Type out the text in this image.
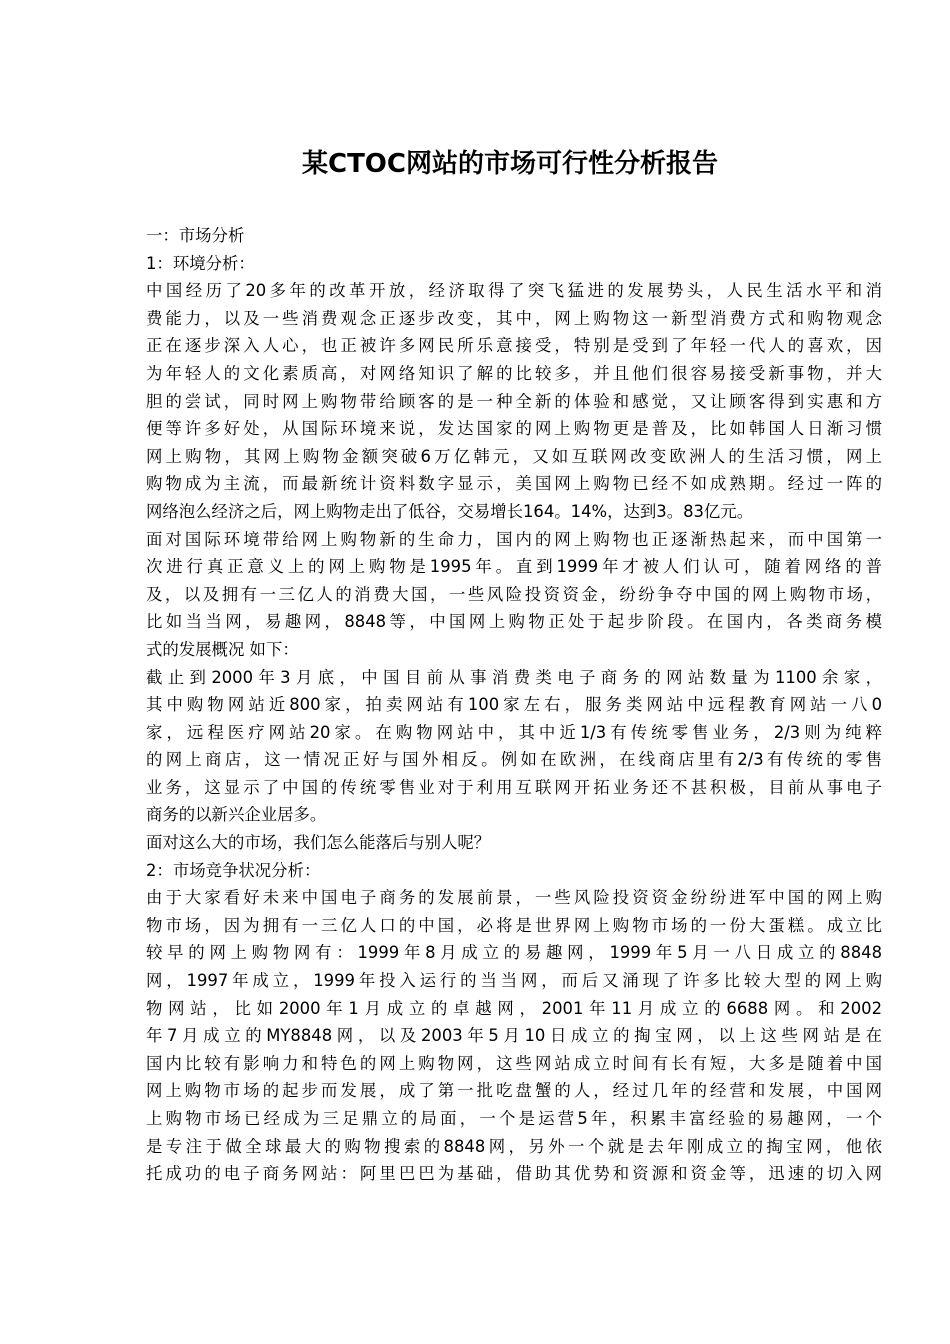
某CTOC网站的市场可行性分析报告
一：市场分析
1：环境分析：
中国经历了20多年的改革开放，经济取得了突飞猛进的发展势头，人民生活水平和消
费能力，以及一些消费观念正逐步改变，其中，网上购物这一新型消费方式和购物观念
正在逐步深入人心，也正被许多网民所乐意接受，特别是受到了年轻一代人的喜欢，因
为年轻人的文化素质高，对网络知识了解的比较多，并且他们很容易接受新事物，并大
胆的尝试，同时网上购物带给顾客的是一种全新的体验和感觉，又让顾客得到实惠和方
便等许多好处，从国际环境来说，发达国家的网上购物更是普及，比如韩国人日渐习惯
网上购物，其网上购物金额突破6万亿韩元，又如互联网改变欧洲人的生活习惯，网上
购物成为主流，而最新统计资料数字显示，美国网上购物已经不如成熟期。经过一阵的
网络泡么经济之后，网上购物走出了低谷，交易增长164。14%，达到3。83亿元。
面对国际环境带给网上购物新的生命力，国内的网上购物也正逐渐热起来，而中国第一
次进行真正意义上的网上购物是1995年。直到1999年才被人们认可，随着网络的普
及，以及拥有一三亿人的消费大国，一些风险投资资金，纷纷争夺中国的网上购物市场，
比如当当网，易趣网，8848等，中国网上购物正处于起步阶段。在国内，各类商务模
式的发展概况 如下：
截止到2000年3月底，中国目前从事消费类电子商务的网站数量为1100余家，
其中购物网站近800家，拍卖网站有100家左右，服务类网站中远程教育网站一八0
家，远程医疗网站20家。在购物网站中，其中近1/3有传统零售业务，2/3则为纯粹
的网上商店，这一情况正好与国外相反。例如在欧洲，在线商店里有2/3有传统的零售
业务，这显示了中国的传统零售业对于利用互联网开拓业务还不甚积极，目前从事电子
商务的以新兴企业居多。
面对这么大的市场，我们怎么能落后与别人呢？
2：市场竞争状况分析：
由于大家看好未来中国电子商务的发展前景，一些风险投资资金纷纷进军中国的网上购
物市场，因为拥有一三亿人口的中国，必将是世界网上购物市场的一份大蛋糕。成立比
较早的网上购物网有：1999年8月成立的易趣网，1999年5月一八日成立的8848
网，1997年成立，1999年投入运行的当当网，而后又涌现了许多比较大型的网上购
物网站，比如2000年1月成立的卓越网，2001年11月成立的6688网。和2002
年7月成立的MY8848网，以及2003年5月10日成立的掏宝网，以上这些网站是在
国内比较有影响力和特色的网上购物网，这些网站成立时间有长有短，大多是随着中国
网上购物市场的起步而发展，成了第一批吃盘蟹的人，经过几年的经营和发展，中国网
上购物市场已经成为三足鼎立的局面，一个是运营5年，积累丰富经验的易趣网，一个
是专注于做全球最大的购物搜索的8848网，另外一个就是去年刚成立的掏宝网，他依
托成功的电子商务网站：阿里巴巴为基础，借助其优势和资源和资金等，迅速的切入网
